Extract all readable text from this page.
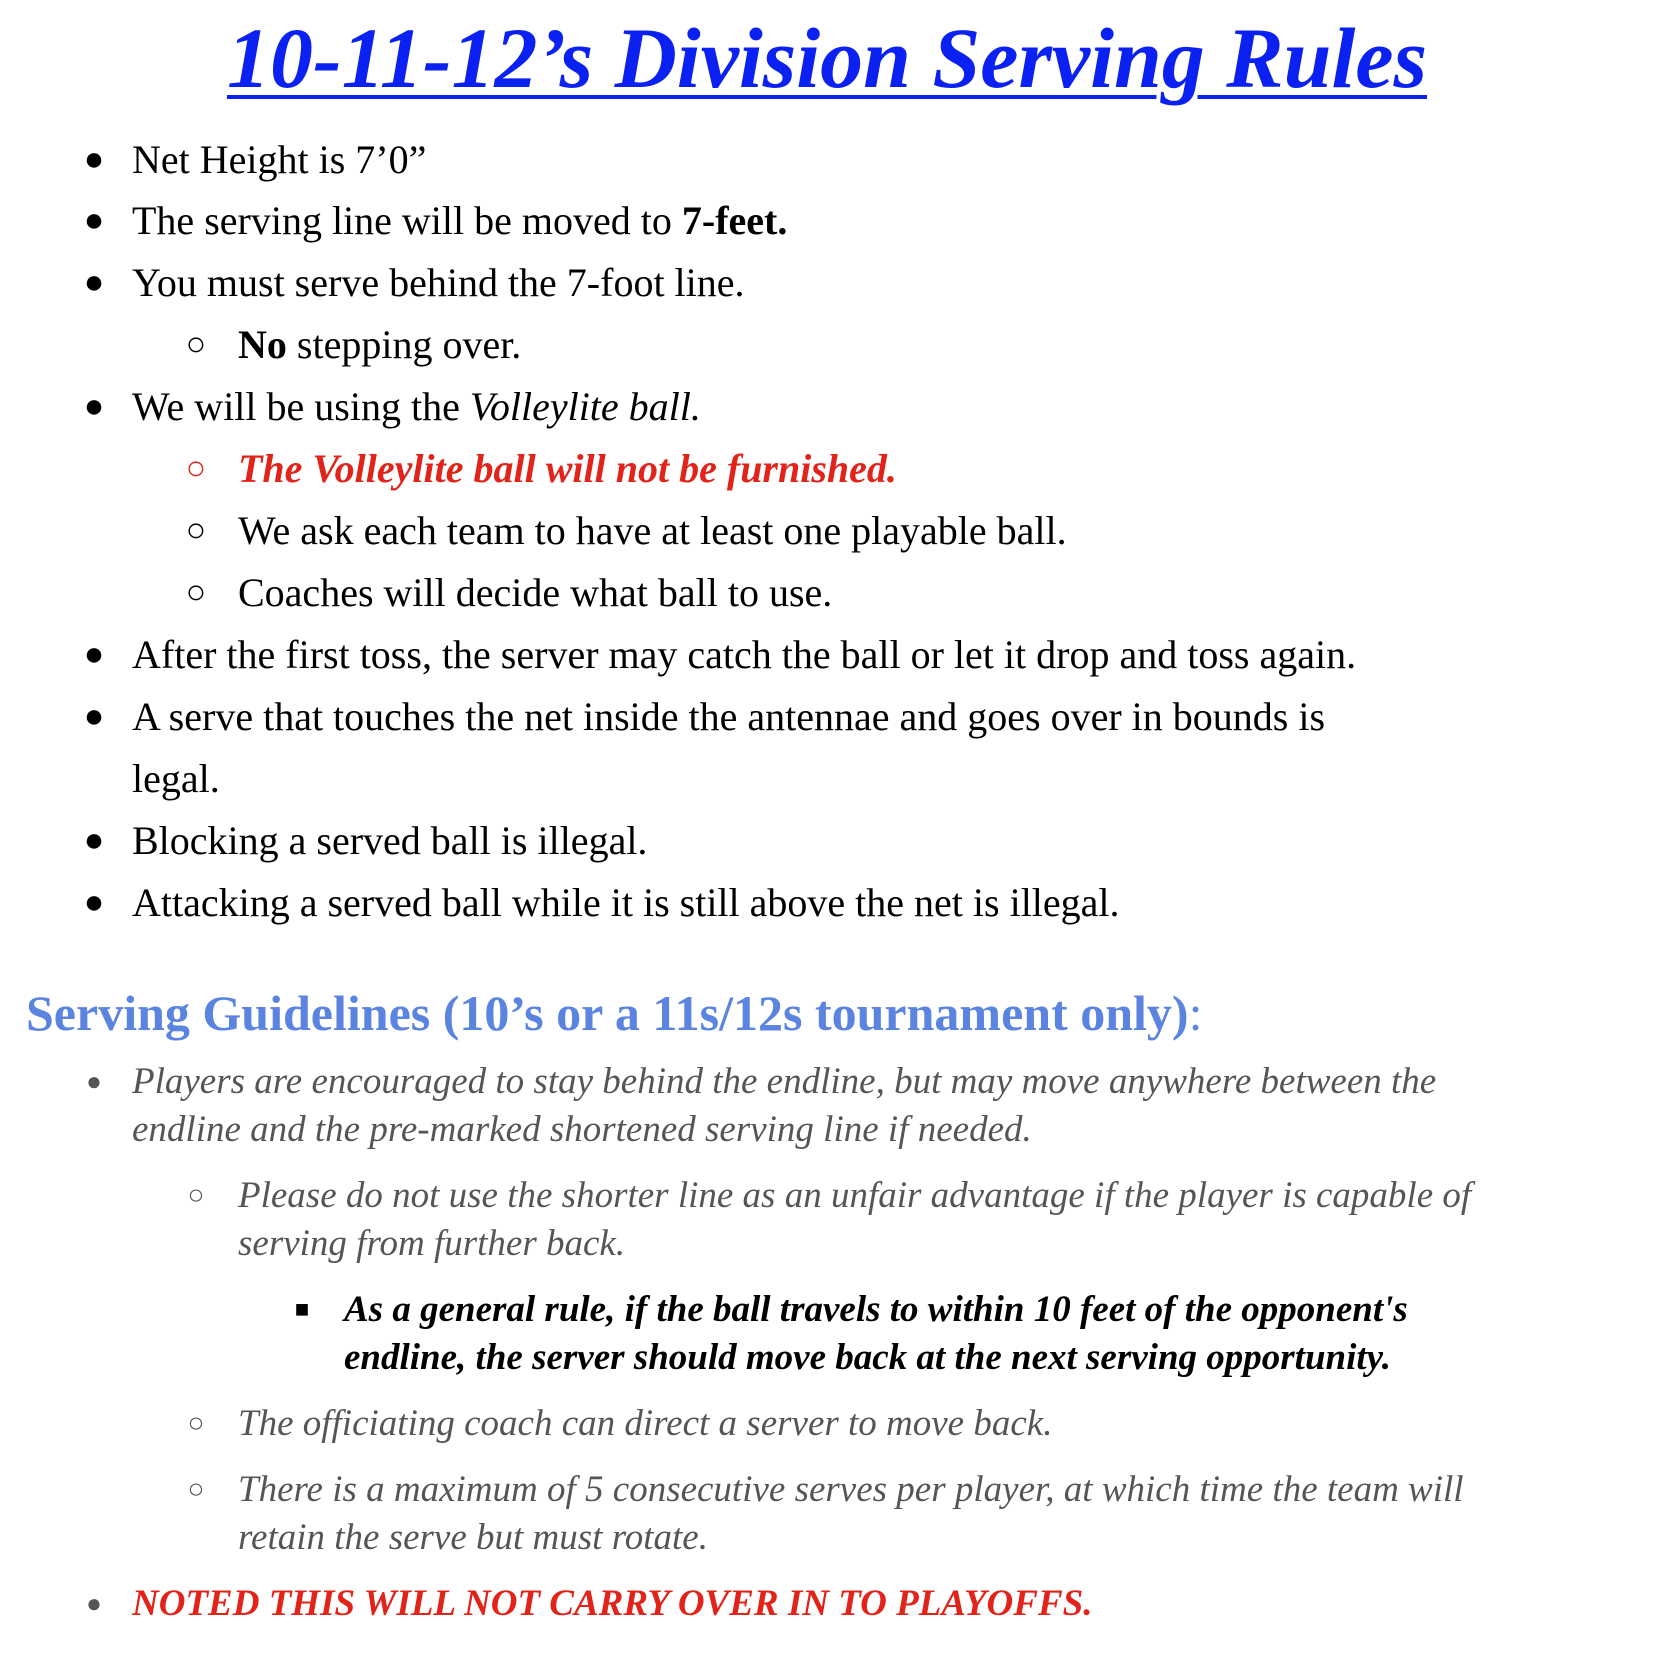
10-11-12’s Division Serving Rules
●
Net Height is 7’0”
●
The serving line will be moved to 7-feet.
●
You must serve behind the 7-foot line.
○
No stepping over.
●
We will be using the Volleylite ball.
○
The Volleylite ball will not be furnished.
○
We ask each team to have at least one playable ball.
○
Coaches will decide what ball to use.
●
After the first toss, the server may catch the ball or let it drop and toss again.
●
A serve that touches the net inside the antennae and goes over in bounds is
legal.
●
Blocking a served ball is illegal.
●
Attacking a served ball while it is still above the net is illegal.
Serving Guidelines (10’s or a 11s/12s tournament only):
●
Players are encouraged to stay behind the endline, but may move anywhere between the
endline and the pre-marked shortened serving line if needed.
○
Please do not use the shorter line as an unfair advantage if the player is capable of
serving from further back.
■
As a general rule, if the ball travels to within 10 feet of the opponent's
endline, the server should move back at the next serving opportunity.
○
The officiating coach can direct a server to move back.
○
There is a maximum of 5 consecutive serves per player, at which time the team will
retain the serve but must rotate.
●
NOTED THIS WILL NOT CARRY OVER IN TO PLAYOFFS.
